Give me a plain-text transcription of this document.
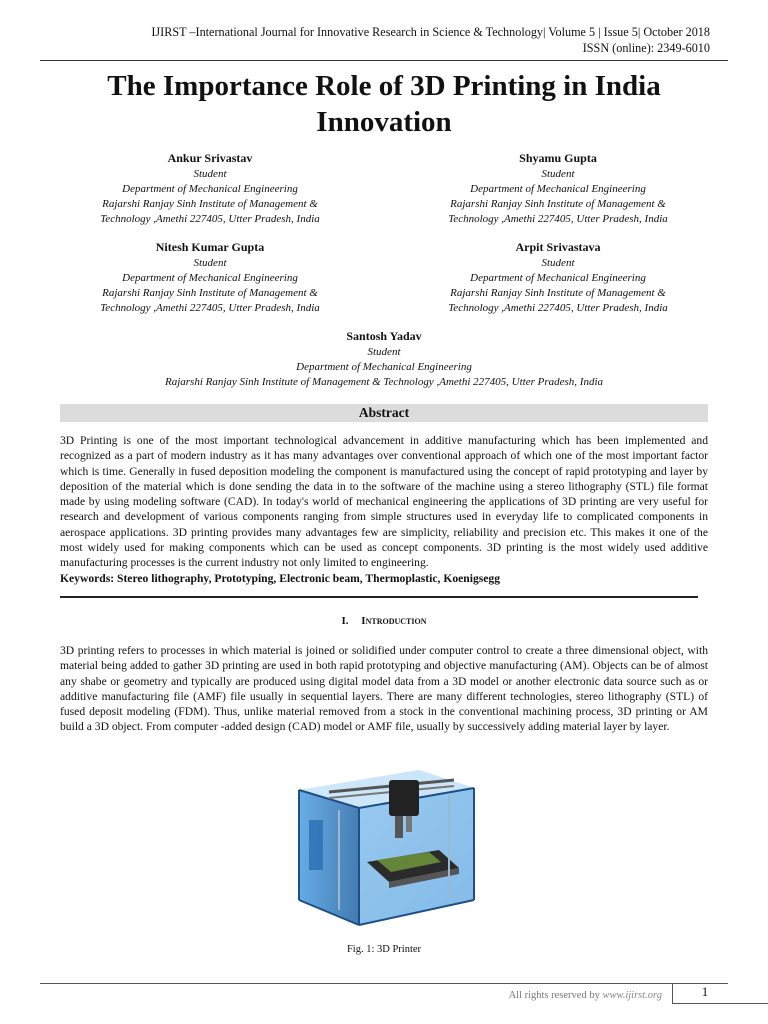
IJIRST –International Journal for Innovative Research in Science & Technology| Volume 5 | Issue 5| October 2018
ISSN (online): 2349-6010
The Importance Role of 3D Printing in India
Innovation
Ankur Srivastav
Student
Department of Mechanical Engineering
Rajarshi Ranjay Sinh Institute of Management &
Technology ,Amethi 227405, Utter Pradesh, India
Shyamu Gupta
Student
Department of Mechanical Engineering
Rajarshi Ranjay Sinh Institute of Management &
Technology ,Amethi 227405, Utter Pradesh, India
Nitesh Kumar Gupta
Student
Department of Mechanical Engineering
Rajarshi Ranjay Sinh Institute of Management &
Technology ,Amethi 227405, Utter Pradesh, India
Arpit Srivastava
Student
Department of Mechanical Engineering
Rajarshi Ranjay Sinh Institute of Management &
Technology ,Amethi 227405, Utter Pradesh, India
Santosh Yadav
Student
Department of Mechanical Engineering
Rajarshi Ranjay Sinh Institute of Management & Technology ,Amethi 227405, Utter Pradesh, India
Abstract
3D Printing is one of the most important technological advancement in additive manufacturing which has been implemented and recognized as a part of modern industry as it has many advantages over conventional approach of which one of the most important factor which is time. Generally in fused deposition modeling the component is manufactured using the concept of rapid prototyping and layer by deposition of the material which is done sending the data in to the software of the machine using a stereo lithography (STL) file format made by using modeling software (CAD). In today's world of mechanical engineering the applications of 3D printing are very useful for research and development of various components ranging from simple structures used in everyday life to complicated components in aerospace applications. 3D printing provides many advantages few are simplicity, reliability and precision etc. This makes it one of the most widely used for making components which can be used as concept components. 3D printing is the most widely used additive manufacturing processes is the current industry not only limited to engineering.
Keywords: Stereo lithography, Prototyping, Electronic beam, Thermoplastic, Koenigsegg
I. Introduction
3D printing refers to processes in which material is joined or solidified under computer control to create a three dimensional object, with material being added to gather 3D printing are used in both rapid prototyping and objective manufacturing (AM). Objects can be of almost any shabe or geometry and typically are produced using digital model data from a 3D model or another electronic data source such as or additive manufacturing file (AMF) file usually in sequential layers. There are many different technologies, stereo lithography (STL) of fused deposit modeling (FDM). Thus, unlike material removed from a stock in the conventional machining process, 3D printing or AM build a 3D object. From computer -added design (CAD) model or AMF file, usually by successively adding material layer by layer.
Fig. 1: 3D Printer
All rights reserved by www.ijirst.org	1
